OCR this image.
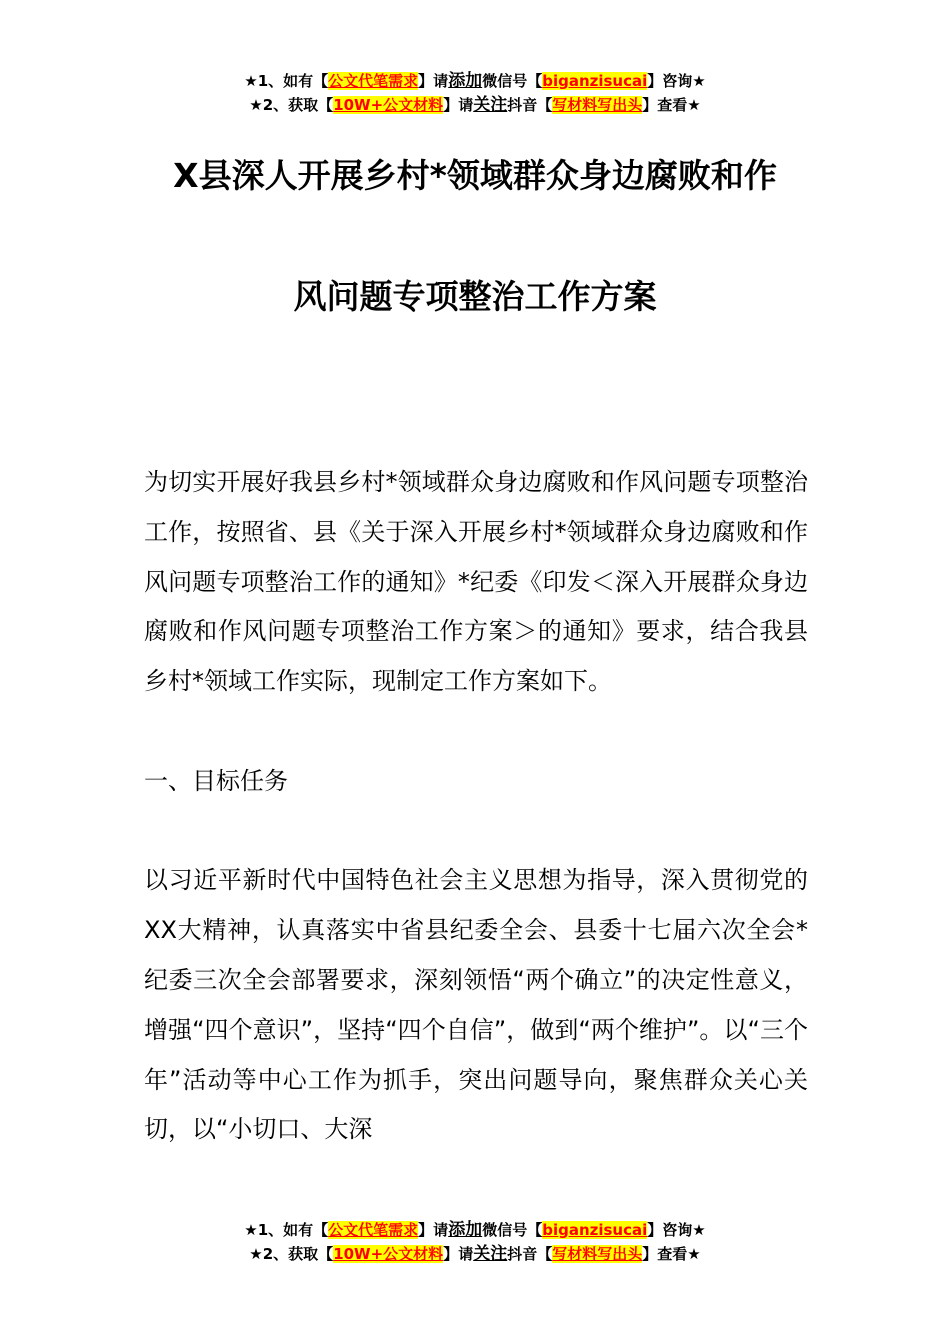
★1、如有【公文代笔需求】请添加微信号【biganzisucai】咨询★
★2、获取【10W+公文材料】请关注抖音【写材料写出头】查看★
X县深人开展乡村*领域群众身边腐败和作
风问题专项整治工作方案

为切实开展好我县乡村*领域群众身边腐败和作风问题专项整治工作，按照省、县《关于深入开展乡村*领域群众身边腐败和作风问题专项整治工作的通知》*纪委《印发＜深入开展群众身边腐败和作风问题专项整治工作方案＞的通知》要求，结合我县乡村*领域工作实际，现制定工作方案如下。

一、目标任务

以习近平新时代中国特色社会主义思想为指导，深入贯彻党的XX大精神，认真落实中省县纪委全会、县委十七届六次全会*纪委三次全会部署要求，深刻领悟“两个确立”的决定性意义，增强“四个意识”，坚持“四个自信”，做到“两个维护”。以“三个年”活动等中心工作为抓手，突出问题导向，聚焦群众关心关切，以“小切口、大深

★1、如有【公文代笔需求】请添加微信号【biganzisucai】咨询★
★2、获取【10W+公文材料】请关注抖音【写材料写出头】查看★
